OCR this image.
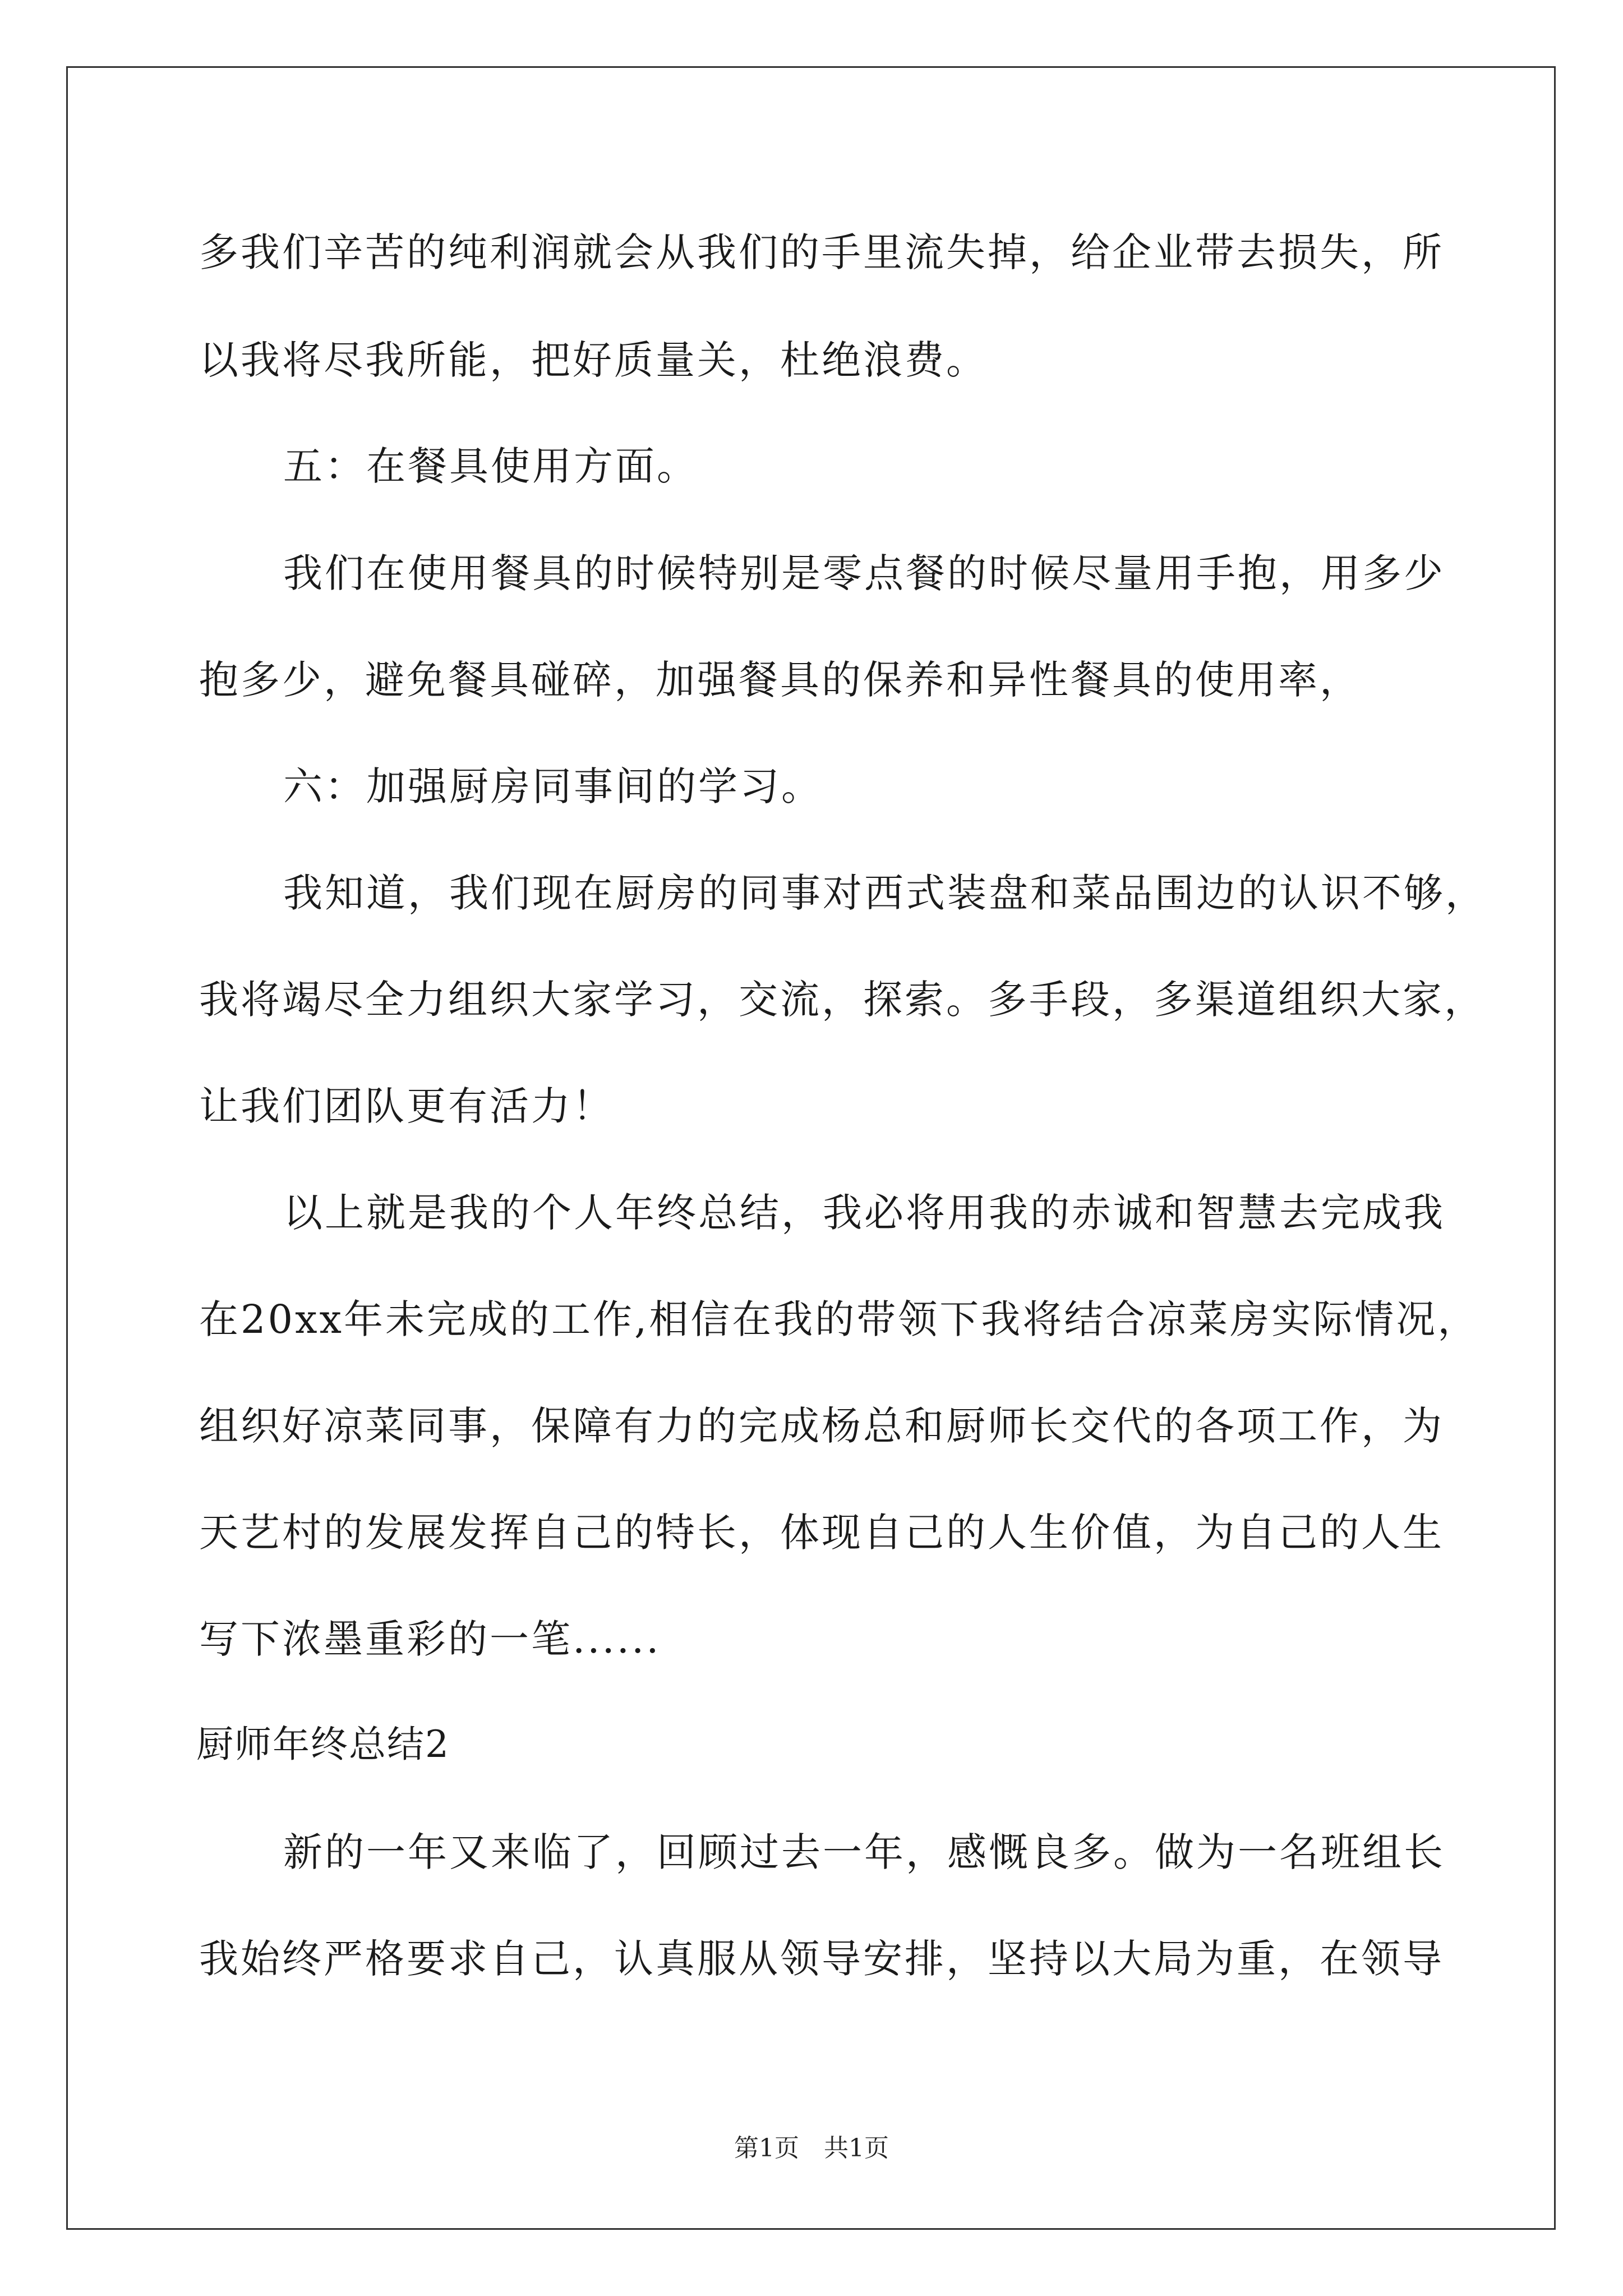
多我们辛苦的纯利润就会从我们的手里流失掉，给企业带去损失，所
以我将尽我所能，把好质量关，杜绝浪费。
五：在餐具使用方面。
我们在使用餐具的时候特别是零点餐的时候尽量用手抱，用多少
抱多少，避免餐具碰碎，加强餐具的保养和异性餐具的使用率，
六：加强厨房同事间的学习。
我知道，我们现在厨房的同事对西式装盘和菜品围边的认识不够，
我将竭尽全力组织大家学习，交流，探索。多手段，多渠道组织大家，
让我们团队更有活力！
以上就是我的个人年终总结，我必将用我的赤诚和智慧去完成我
在20xx年未完成的工作,相信在我的带领下我将结合凉菜房实际情况，
组织好凉菜同事，保障有力的完成杨总和厨师长交代的各项工作，为
天艺村的发展发挥自己的特长，体现自己的人生价值，为自己的人生
写下浓墨重彩的一笔......
厨师年终总结2
新的一年又来临了，回顾过去一年，感慨良多。做为一名班组长
我始终严格要求自己，认真服从领导安排，坚持以大局为重，在领导
第1页　共1页
